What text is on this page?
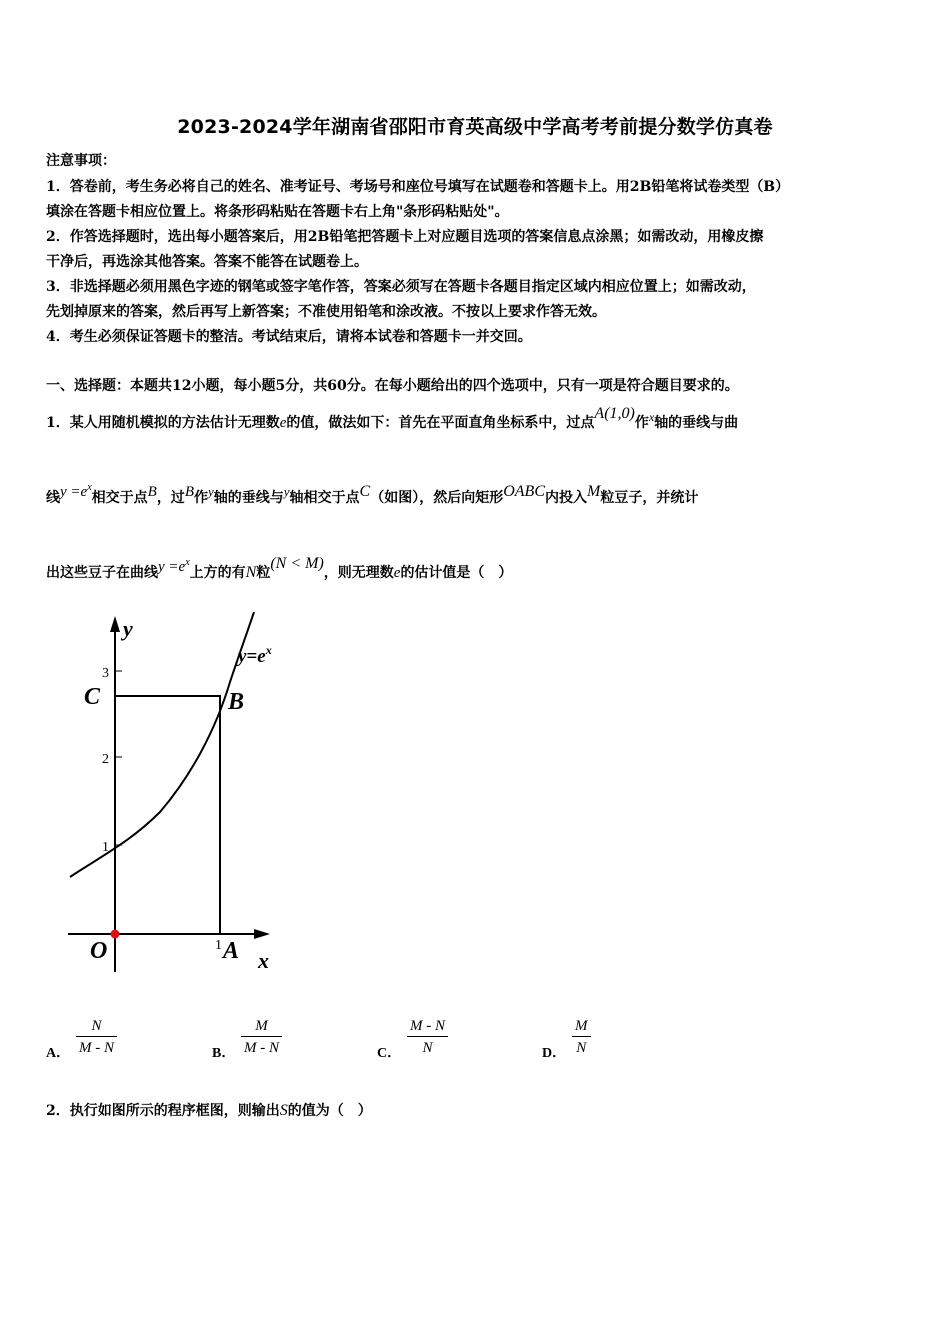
2023-2024学年湖南省邵阳市育英高级中学高考考前提分数学仿真卷
注意事项：
1．答卷前，考生务必将自己的姓名、准考证号、考场号和座位号填写在试题卷和答题卡上。用2B铅笔将试卷类型（B）
填涂在答题卡相应位置上。将条形码粘贴在答题卡右上角"条形码粘贴处"。
2．作答选择题时，选出每小题答案后，用2B铅笔把答题卡上对应题目选项的答案信息点涂黑；如需改动，用橡皮擦
干净后，再选涂其他答案。答案不能答在试题卷上。
3．非选择题必须用黑色字迹的钢笔或签字笔作答，答案必须写在答题卡各题目指定区域内相应位置上；如需改动，
先划掉原来的答案，然后再写上新答案；不准使用铅笔和涂改液。不按以上要求作答无效。
4．考生必须保证答题卡的整洁。考试结束后，请将本试卷和答题卡一并交回。
一、选择题：本题共12小题，每小题5分，共60分。在每小题给出的四个选项中，只有一项是符合题目要求的。
1．某人用随机模拟的方法估计无理数e的值，做法如下：首先在平面直角坐标系中，过点A(1,0)作x轴的垂线与曲
线$y =e^x$相交于点B，过B作y轴的垂线与y轴相交于点C（如图），然后向矩形OABC内投入M粒豆子，并统计
出这些豆子在曲线$y =e^x$上方的有N粒(N < M)，则无理数e的估计值是（　）
y
x
$y=e^x$
3
2
1
1
C	B
O	A
A．
N
M - N	B．
M
M - N	C．
M - N
N	D．
M
N
2．执行如图所示的程序框图，则输出S的值为（　）
